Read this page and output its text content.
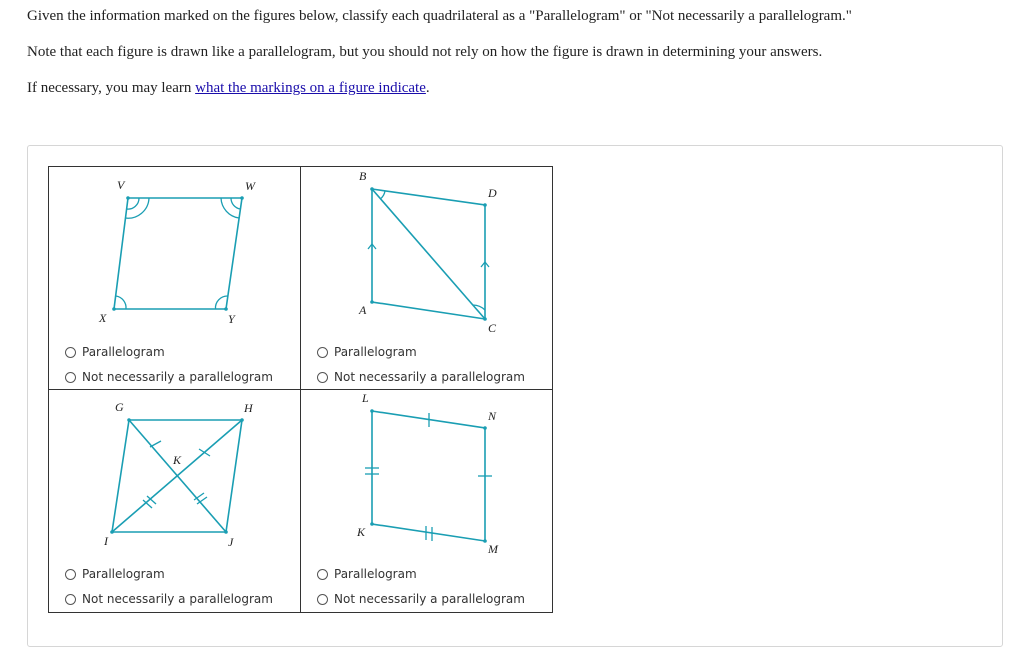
Given the information marked on the figures below, classify each quadrilateral as a "Parallelogram" or "Not necessarily a parallelogram."
Note that each figure is drawn like a parallelogram, but you should not rely on how the figure is drawn in determining your answers.
If necessary, you may learn what the markings on a figure indicate.
V	W
X	Y
Parallelogram
Not necessarily a parallelogram
B
D
A
C
Parallelogram
Not necessarily a parallelogram
G	H
K
I	J
Parallelogram
Not necessarily a parallelogram
L
N
K
M
Parallelogram
Not necessarily a parallelogram
